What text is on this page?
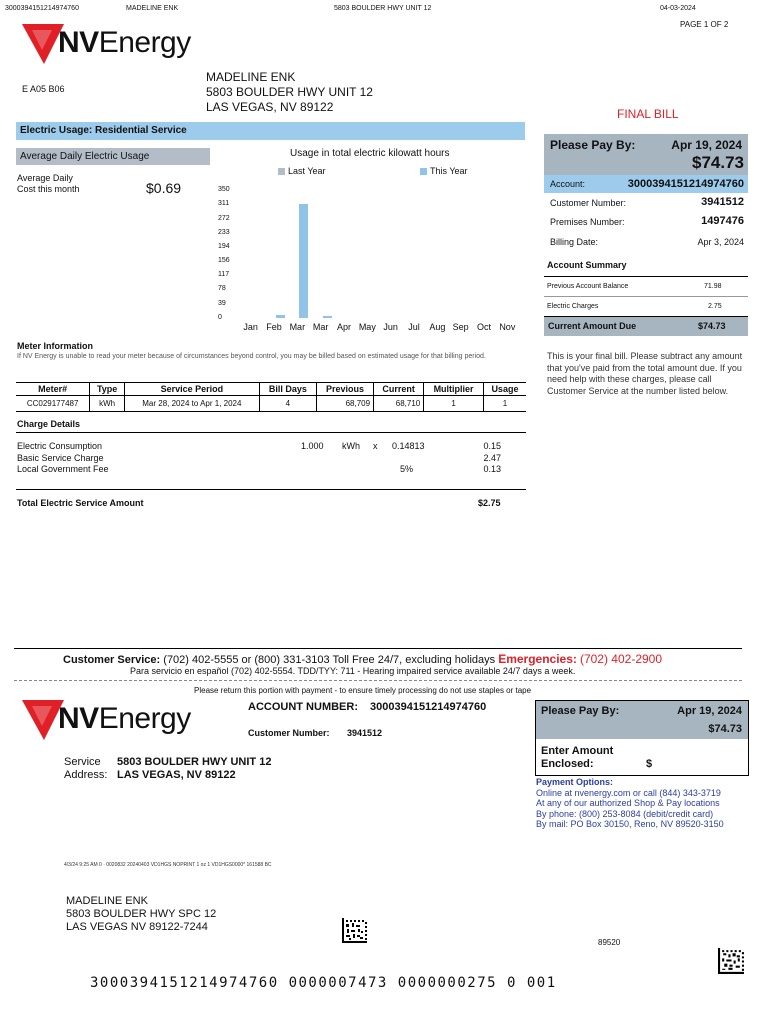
3000394151214974760	MADELINE ENK	5803 BOULDER HWY UNIT 12	04-03-2024
PAGE 1 OF 2
NVEnergy
E A05 B06
MADELINE ENK
5803 BOULDER HWY UNIT 12
LAS VEGAS, NV 89122	FINAL BILL
Electric Usage: Residential Service
Average Daily Electric Usage
Average Daily
Cost this month	$0.69
Usage in total electric kilowatt hours
Last Year	This Year
350
311
272
233
194
156
117
78
39
0
Jan Feb Mar Mar Apr May Jun	Jul	Aug Sep Oct Nov
Meter Information
If NV Energy is unable to read your meter because of circumstances beyond control, you may be billed based on estimated usage for that billing period.
Meter#	Type	Service Period	Bill Days	Previous	Current	Multiplier	Usage
CC029177487	kWh	Mar 28, 2024 to Apr 1, 2024	4	68,709	68,710	1	1
Charge Details
Electric Consumption	1.000 kWh x 0.14813	0.15
Basic Service Charge	2.47
Local Government Fee	5%	0.13
Total Electric Service Amount	$2.75
Please Pay By:	Apr 19, 2024
$74.73
Account:	3000394151214974760
Customer Number:	3941512
Premises Number:	1497476
Billing Date:	Apr 3, 2024
Account Summary
Previous Account Balance	71.98
Electric Charges	2.75
Current Amount Due	$74.73
This is your final bill. Please subtract any amount that you've paid from the total amount due. If you need help with these charges, please call Customer Service at the number listed below.
Customer Service: (702) 402-5555 or (800) 331-3103 Toll Free 24/7, excluding holidays Emergencies: (702) 402-2900
Para servicio en español (702) 402-5554. TDD/TYY: 711 - Hearing impaired service available 24/7 days a week.
Please return this portion with payment - to ensure timely processing do not use staples or tape
NVEnergy	ACCOUNT NUMBER: 3000394151214974760
Customer Number: 3941512
Service
Address:
5803 BOULDER HWY UNIT 12
LAS VEGAS, NV 89122
Please Pay By:	Apr 19, 2024
$74.73
Enter Amount
Enclosed:	$
Payment Options:
Online at nvenergy.com or call (844) 343-3719
At any of our authorized Shop & Pay locations
By phone: (800) 253-8084 (debit/credit card)
By mail: PO Box 30150, Reno, NV 89520-3150
4/3/24 9:25 AM 0 · 0020832 20240403 VD1HGS NOPRINT 1 oz 1 VD1HGS0000* 161588 BC
MADELINE ENK
5803 BOULDER HWY SPC 12
LAS VEGAS NV 89122-7244
89520
3000394151214974760 0000007473 0000000275 0 001
